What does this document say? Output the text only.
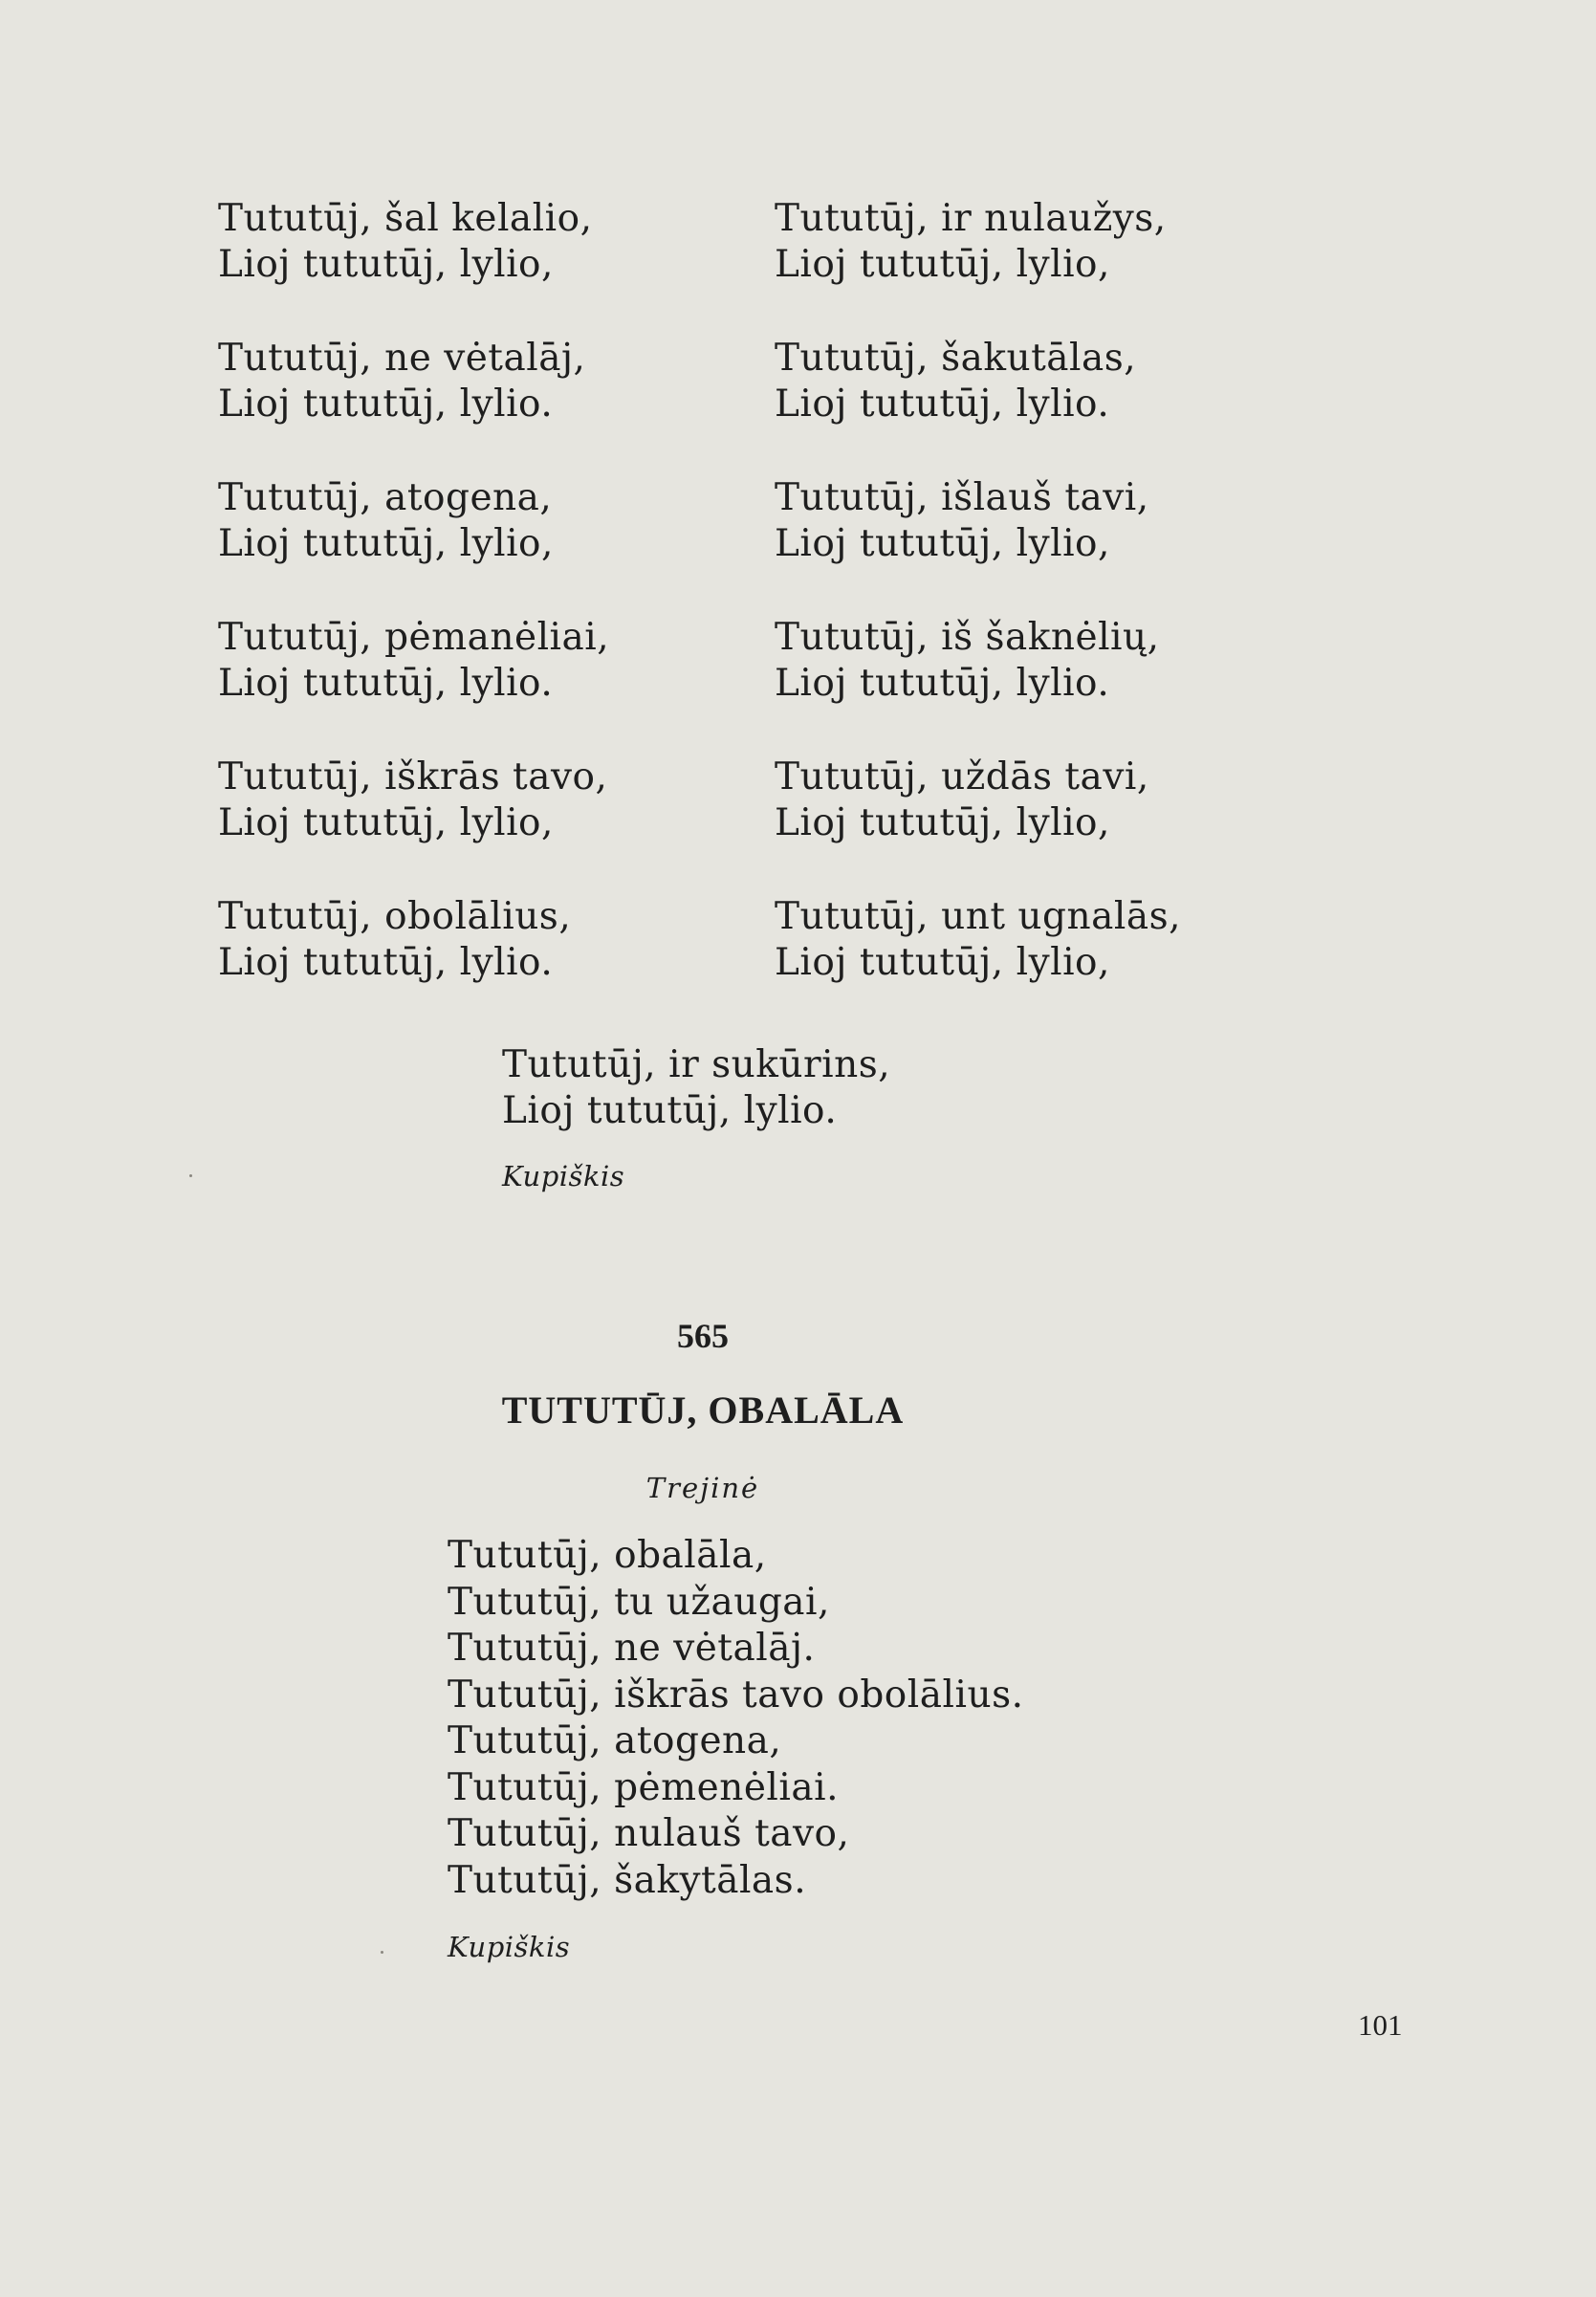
Tututūj, šal kelalio,
Lioj tututūj, lylio,

Tututūj, ne vėtalāj,
Lioj tututūj, lylio.

Tututūj, atogena,
Lioj tututūj, lylio,

Tututūj, pėmanėliai,
Lioj tututūj, lylio.

Tututūj, iškrās tavo,
Lioj tututūj, lylio,

Tututūj, obolālius,
Lioj tututūj, lylio.

Tututūj, ir nulaužys,
Lioj tututūj, lylio,

Tututūj, šakutālas,
Lioj tututūj, lylio.

Tututūj, išlauš tavi,
Lioj tututūj, lylio,

Tututūj, iš šaknėlių,
Lioj tututūj, lylio.

Tututūj, uždās tavi,
Lioj tututūj, lylio,

Tututūj, unt ugnalās,
Lioj tututūj, lylio,

Tututūj, ir sukūrins,
Lioj tututūj, lylio.
Kupiškis
565
TUTUTŪJ, OBALĀLA
Trejinė
Tututūj, obalāla,
Tututūj, tu užaugai,
Tututūj, ne vėtalāj.
Tututūj, iškrās tavo obolālius.
Tututūj, atogena,
Tututūj, pėmenėliai.
Tututūj, nulauš tavo,
Tututūj, šakytālas.
Kupiškis
101
